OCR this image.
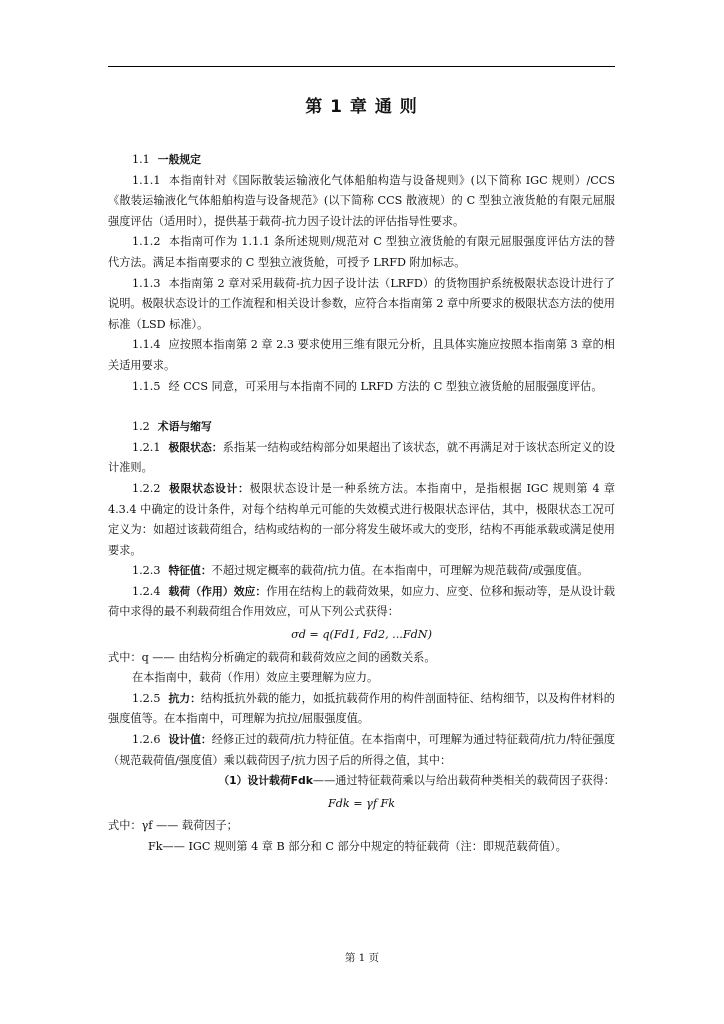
第 1 章 通 则

1.1 一般规定

1.1.1 本指南针对《国际散装运输液化气体船舶构造与设备规则》(以下简称 IGC 规则）/CCS《散装运输液化气体船舶构造与设备规范》(以下简称 CCS 散液规）的 C 型独立液货舱的有限元屈服强度评估（适用时），提供基于载荷-抗力因子设计法的评估指导性要求。

1.1.2 本指南可作为 1.1.1 条所述规则/规范对 C 型独立液货舱的有限元屈服强度评估方法的替代方法。满足本指南要求的 C 型独立液货舱，可授予 LRFD 附加标志。

1.1.3 本指南第 2 章对采用载荷-抗力因子设计法（LRFD）的货物围护系统极限状态设计进行了说明。极限状态设计的工作流程和相关设计参数，应符合本指南第 2 章中所要求的极限状态方法的使用标准（LSD 标准）。

1.1.4 应按照本指南第 2 章 2.3 要求使用三维有限元分析，且具体实施应按照本指南第 3 章的相关适用要求。

1.1.5 经 CCS 同意，可采用与本指南不同的 LRFD 方法的 C 型独立液货舱的屈服强度评估。

1.2 术语与缩写

1.2.1 极限状态：系指某一结构或结构部分如果超出了该状态，就不再满足对于该状态所定义的设计准则。

1.2.2 极限状态设计：极限状态设计是一种系统方法。本指南中，是指根据 IGC 规则第 4 章 4.3.4 中确定的设计条件，对每个结构单元可能的失效模式进行极限状态评估，其中，极限状态工况可定义为：如超过该载荷组合，结构或结构的一部分将发生破坏或大的变形，结构不再能承载或满足使用要求。

1.2.3 特征值：不超过规定概率的载荷/抗力值。在本指南中，可理解为规范载荷/或强度值。

1.2.4 载荷（作用）效应：作用在结构上的载荷效果，如应力、应变、位移和振动等，是从设计载荷中求得的最不利载荷组合作用效应，可从下列公式获得：

σd = q(Fd1, Fd2, ...FdN)

式中：q —— 由结构分析确定的载荷和载荷效应之间的函数关系。

在本指南中，载荷（作用）效应主要理解为应力。

1.2.5 抗力：结构抵抗外载的能力，如抵抗载荷作用的构件剖面特征、结构细节，以及构件材料的强度值等。在本指南中，可理解为抗拉/屈服强度值。

1.2.6 设计值：经修正过的载荷/抗力特征值。在本指南中，可理解为通过特征载荷/抗力/特征强度（规范载荷值/强度值）乘以载荷因子/抗力因子后的所得之值，其中：

（1）设计载荷Fdk——通过特征载荷乘以与给出载荷种类相关的载荷因子获得：

Fdk = γf Fk

式中：γf —— 载荷因子；

Fk—— IGC 规则第 4 章 B 部分和 C 部分中规定的特征载荷（注：即规范载荷值）。

第 1 页
